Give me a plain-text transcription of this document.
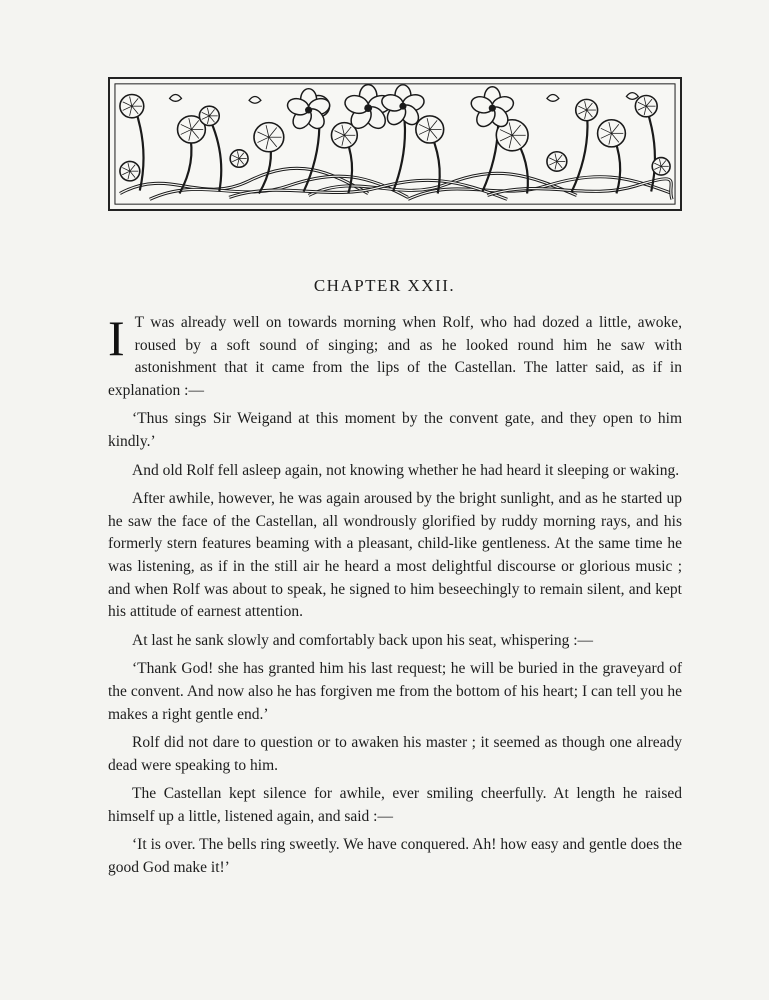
CHAPTER XXII.

I T was already well on towards morning when Rolf, who had dozed a little, awoke, roused by a soft sound of singing; and as he looked round him he saw with astonishment that it came from the lips of the Castellan. The latter said, as if in explanation :—

‘Thus sings Sir Weigand at this moment by the convent gate, and they open to him kindly.’

And old Rolf fell asleep again, not knowing whether he had heard it sleeping or waking.

After awhile, however, he was again aroused by the bright sunlight, and as he started up he saw the face of the Castellan, all wondrously glorified by ruddy morning rays, and his formerly stern features beaming with a pleasant, child-like gentleness. At the same time he was listening, as if in the still air he heard a most delightful discourse or glorious music ; and when Rolf was about to speak, he signed to him beseechingly to remain silent, and kept his attitude of earnest attention.

At last he sank slowly and comfortably back upon his seat, whispering :—

‘Thank God! she has granted him his last request; he will be buried in the graveyard of the convent. And now also he has forgiven me from the bottom of his heart; I can tell you he makes a right gentle end.’

Rolf did not dare to question or to awaken his master ; it seemed as though one already dead were speaking to him.

The Castellan kept silence for awhile, ever smiling cheerfully. At length he raised himself up a little, listened again, and said :—

‘It is over. The bells ring sweetly. We have conquered. Ah! how easy and gentle does the good God make it!’
